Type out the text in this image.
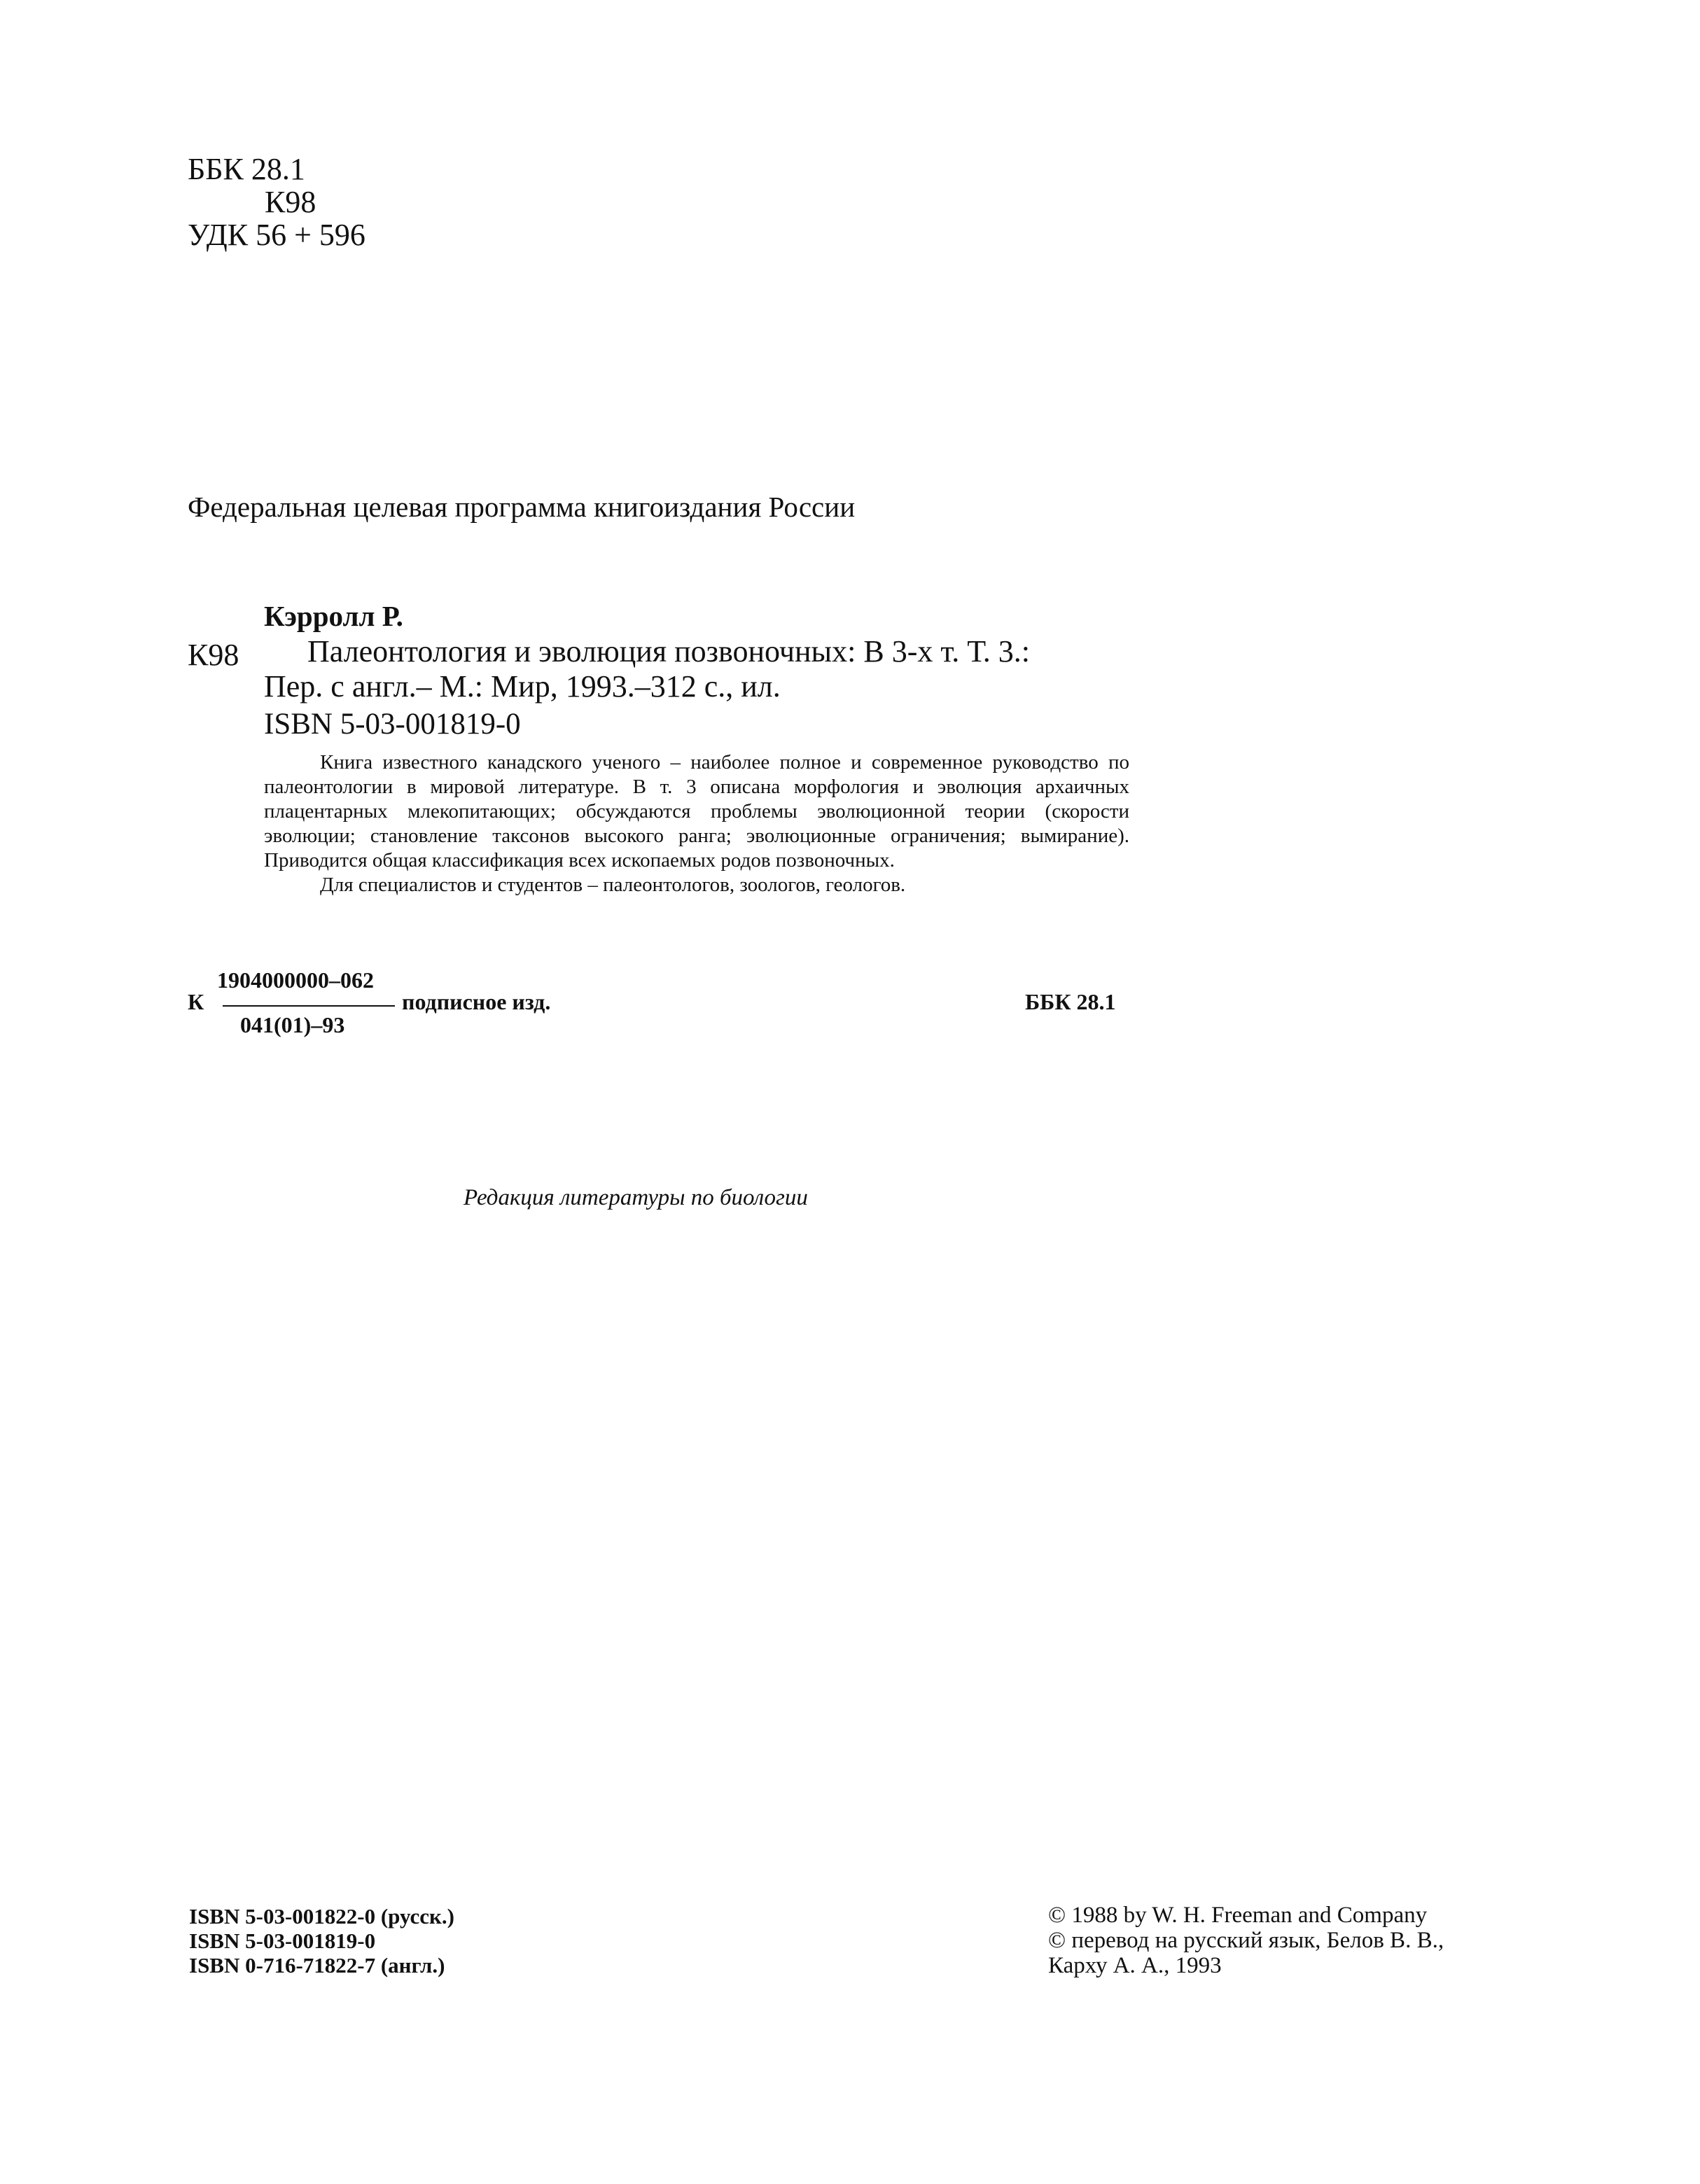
ББК 28.1
К98
УДК 56 + 596
Федеральная целевая программа книгоиздания России
Кэрролл Р.
К98	Палеонтология и эволюция позвоночных: В 3-х т. Т. 3.:
Пер. с англ.– М.: Мир, 1993.–312 с., ил.
ISBN 5-03-001819-0

Книга известного канадского ученого – наиболее полное и современное руководство по палеонтологии в мировой литературе. В т. 3 описана морфология и эволюция архаичных плацентарных млекопитающих; обсуждаются проблемы эволюционной теории (скорости эволюции; становление таксонов высокого ранга; эволюционные ограничения; вымирание). Приводится общая классификация всех ископаемых родов позвоночных.

Для специалистов и студентов – палеонтологов, зоологов, геологов.

1904000000–062
К	подписное изд.
041(01)–93
ББК 28.1
Редакция литературы по биологии
ISBN 5-03-001822-0 (русск.)
ISBN 5-03-001819-0
ISBN 0-716-71822-7 (англ.)
© 1988 by W. H. Freeman and Company
© перевод на русский язык, Белов В. В.,
Карху А. А., 1993
